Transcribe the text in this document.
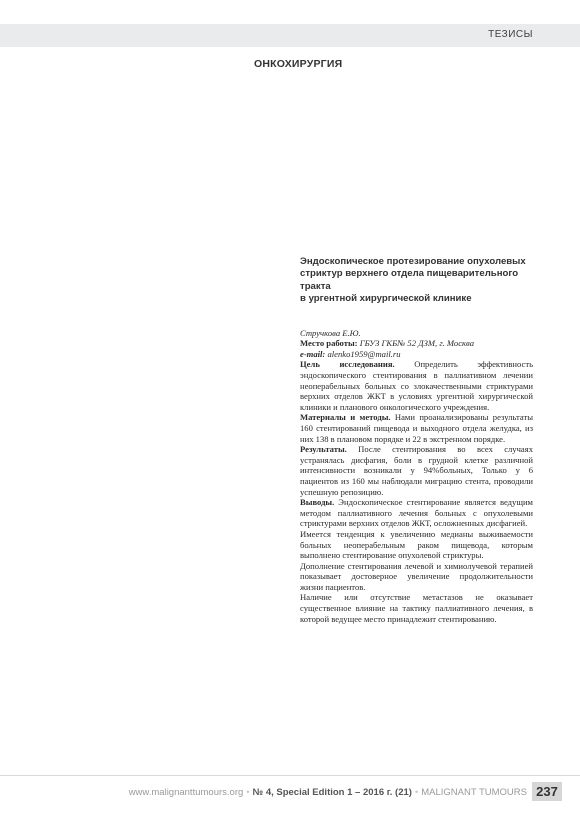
ТЕЗИСЫ
ОНКОХИРУРГИЯ
Эндоскопическое протезирование опухолевых
стриктур верхнего отдела пищеварительного тракта
в ургентной хирургической клинике

Стручкова Е.Ю.

Место работы: ГБУЗ ГКБ№ 52 ДЗМ, г. Москва

e-mail: alenko1959@mail.ru

Цель исследования. Определить эффективность эндоскопического стентирования в паллиативном лечении неоперабельных больных со злокачественными стриктурами верхних отделов ЖКТ в условиях ургентной хирургической клиники и планового онкологического учреждения.

Материалы и методы. Нами проанализированы результаты 160 стентирований пищевода и выходного отдела желудка, из них 138 в плановом порядке и 22 в экстренном порядке.

Результаты. После стентирования во всех случаях устранялась дисфагия, боли в грудной клетке различной интенсивности возникали у 94%больных, Только у 6 пациентов из 160 мы наблюдали миграцию стента, проводили успешную репозицию.

Выводы. Эндоскопическое стентирование является ведущим методом паллиативного лечения больных с опухолевыми стриктурами верхних отделов ЖКТ, осложненных дисфагией.

Имеется тенденция к увеличению медианы выживаемости больных неоперабельным раком пищевода, которым выполнено стентирование опухолевой стриктуры.

Дополнение стентирования лечевой и химиолучевой терапией показывает достоверное увеличение продолжительности жизни пациентов.

Наличие или отсутствие метастазов не оказывает существенное влияние на тактику паллиативного лечения, в которой ведущее место принадлежит стентированию.

www.malignanttumours.org • № 4, Special Edition 1 – 2016 г. (21) • MALIGNANT TUMOURS 237
